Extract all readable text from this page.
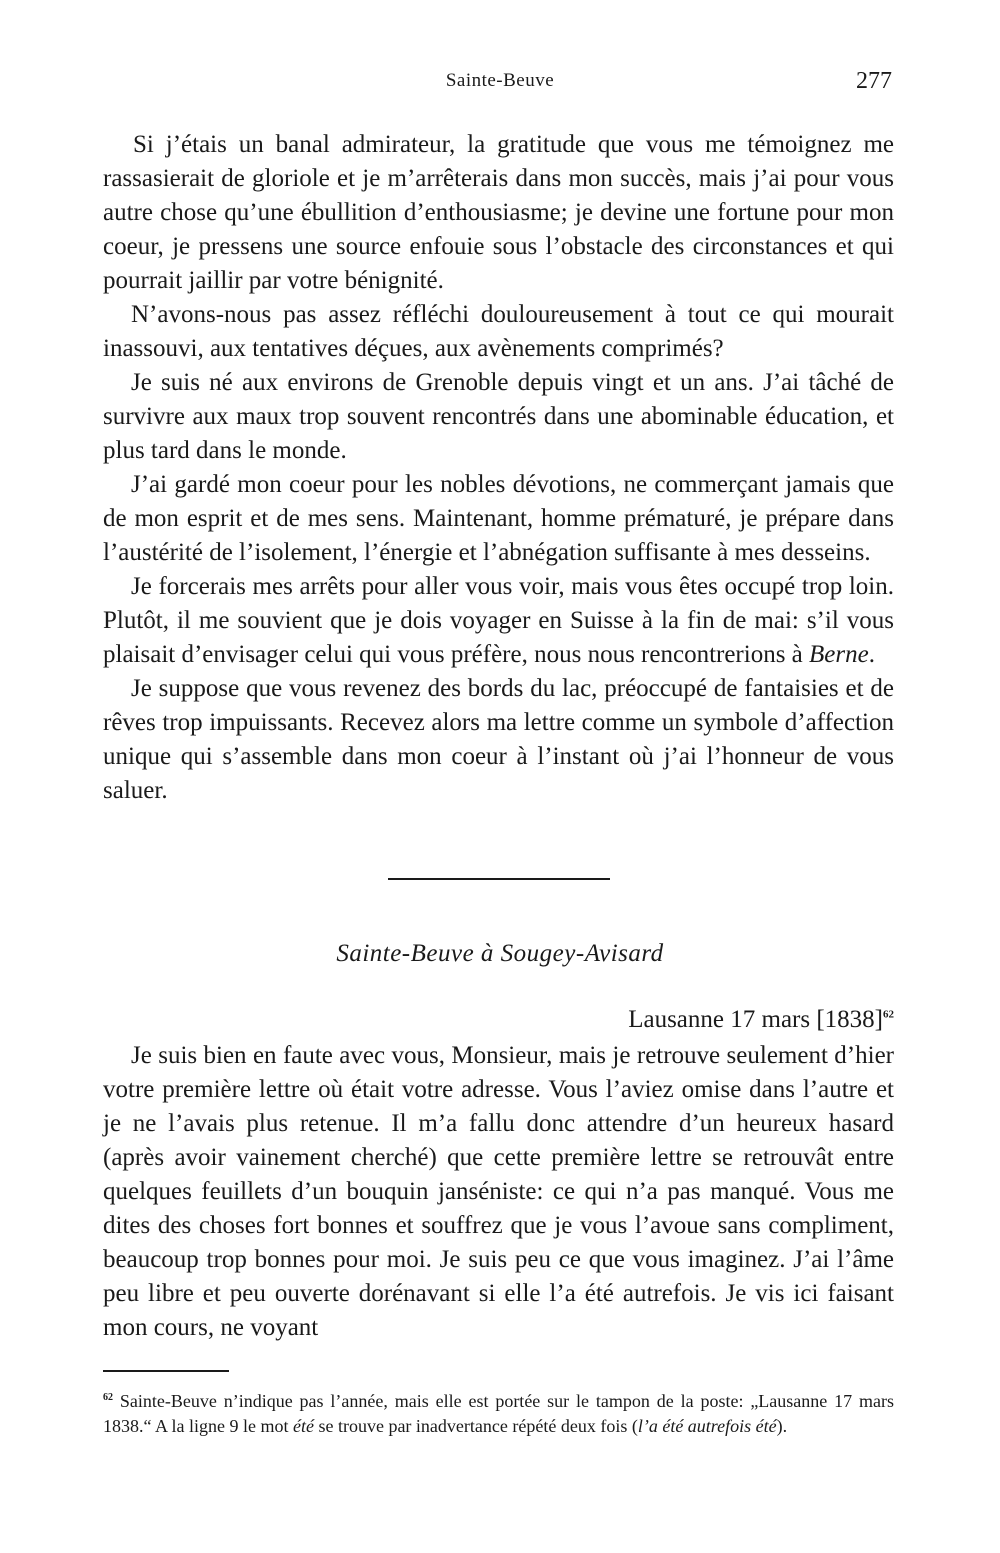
Sainte-Beuve	277

Si j’étais un banal admirateur, la gratitude que vous me témoignez me rassasierait de gloriole et je m’arrêterais dans mon succès, mais j’ai pour vous autre chose qu’une ébullition d’enthousiasme; je devine une fortune pour mon coeur, je pressens une source enfouie sous l’obstacle des circonstances et qui pourrait jaillir par votre bénignité.

N’avons-nous pas assez réfléchi douloureusement à tout ce qui mourait inassouvi, aux tentatives déçues, aux avènements comprimés?

Je suis né aux environs de Grenoble depuis vingt et un ans. J’ai tâché de survivre aux maux trop souvent rencontrés dans une abominable éducation, et plus tard dans le monde.

J’ai gardé mon coeur pour les nobles dévotions, ne commerçant jamais que de mon esprit et de mes sens. Maintenant, homme prématuré, je prépare dans l’austérité de l’isolement, l’énergie et l’abnégation suffisante à mes desseins.

Je forcerais mes arrêts pour aller vous voir, mais vous êtes occupé trop loin. Plutôt, il me souvient que je dois voyager en Suisse à la fin de mai: s’il vous plaisait d’envisager celui qui vous préfère, nous nous rencontrerions à Berne.

Je suppose que vous revenez des bords du lac, préoccupé de fantaisies et de rêves trop impuissants. Recevez alors ma lettre comme un symbole d’affection unique qui s’assemble dans mon coeur à l’instant où j’ai l’honneur de vous saluer.

Sainte-Beuve à Sougey-Avisard
Lausanne 17 mars $[1838]^{62}$

Je suis bien en faute avec vous, Monsieur, mais je retrouve seulement d’hier votre première lettre où était votre adresse. Vous l’aviez omise dans l’autre et je ne l’avais plus retenue. Il m’a fallu donc attendre d’un heureux hasard (après avoir vainement cherché) que cette première lettre se retrouvât entre quelques feuillets d’un bouquin janséniste: ce qui n’a pas manqué. Vous me dites des choses fort bonnes et souffrez que je vous l’avoue sans compliment, beaucoup trop bonnes pour moi. Je suis peu ce que vous imaginez. J’ai l’âme peu libre et peu ouverte dorénavant si elle l’a été autrefois. Je vis ici faisant mon cours, ne voyant

$^{62}$ Sainte-Beuve n’indique pas l’année, mais elle est portée sur le tampon de la poste: „Lausanne 17 mars 1838.“ A la ligne 9 le mot été se trouve par inadvertance répété deux fois (l’a été autrefois été).
